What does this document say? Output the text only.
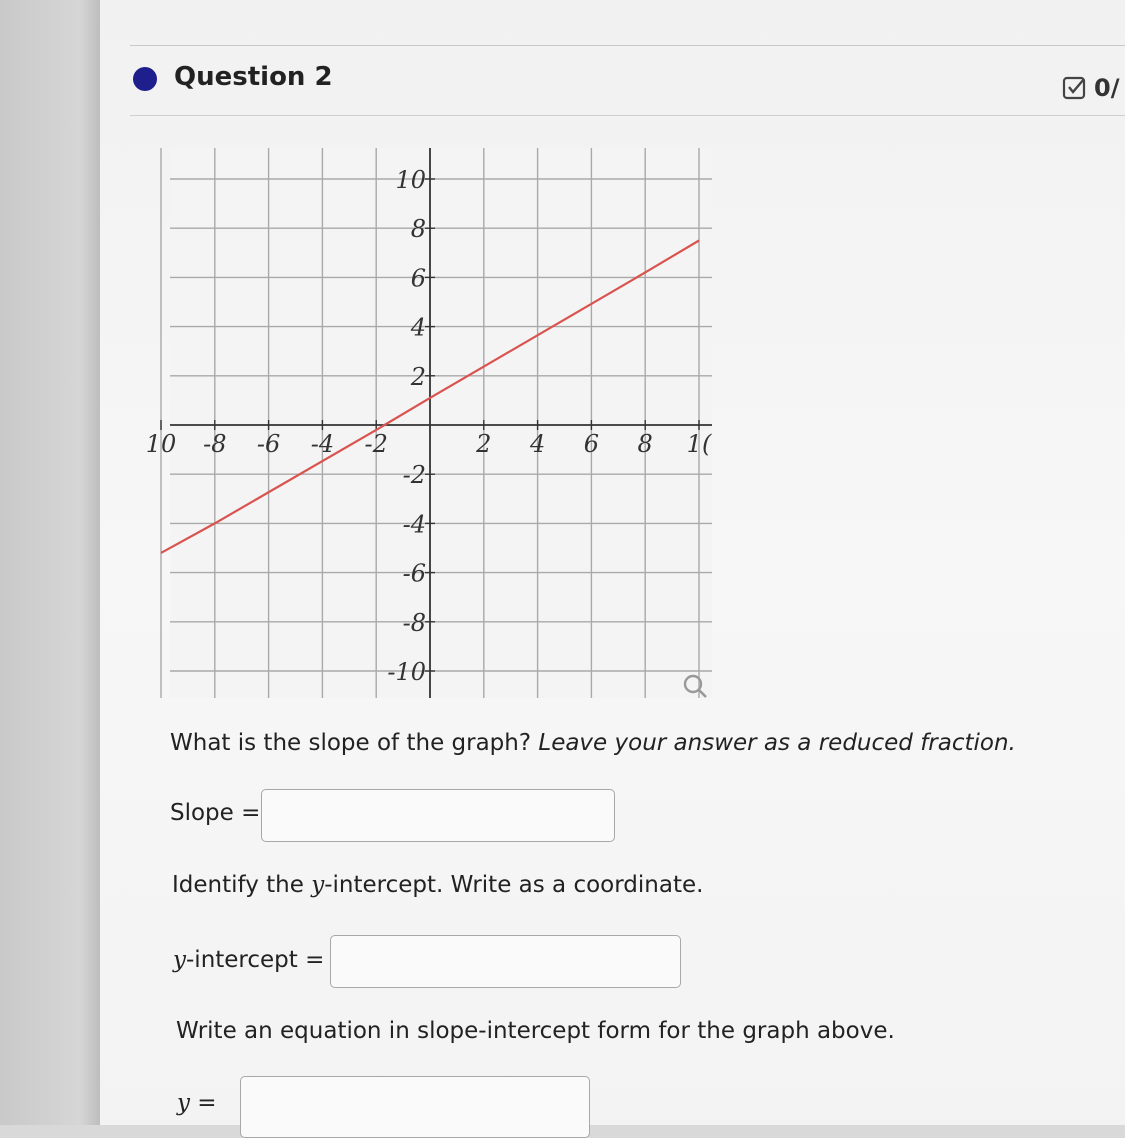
Question 2	0/
10 -8 -6 -4 -2	2 4 6 8 1(
10
8
6
4
2
-2
-4
-6
-8
-10
What is the slope of the graph? Leave your answer as a reduced fraction.
Slope =
Identify the y-intercept. Write as a coordinate.
y-intercept =
Write an equation in slope-intercept form for the graph above.
y =
